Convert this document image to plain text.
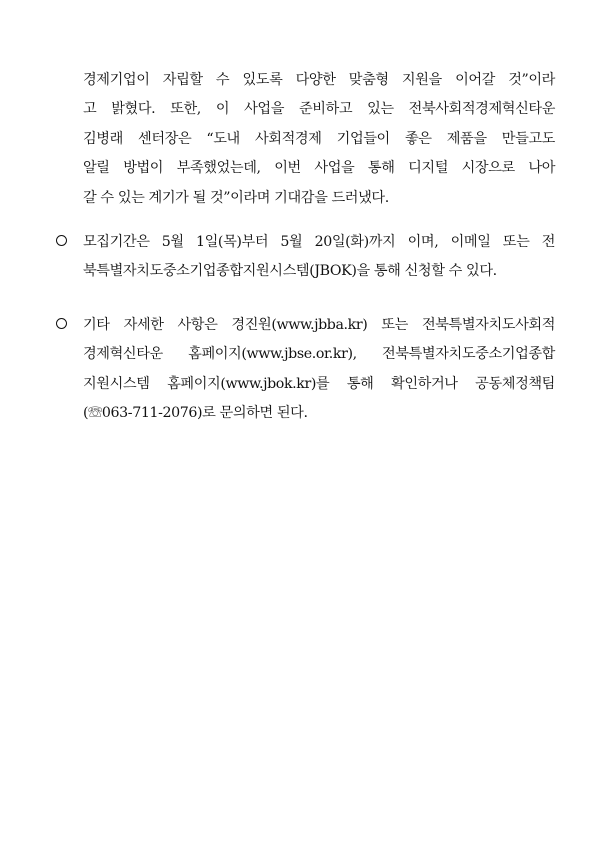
경제기업이 자립할 수 있도록 다양한 맞춤형 지원을 이어갈 것”이라
고 밝혔다. 또한, 이 사업을 준비하고 있는 전북사회적경제혁신타운
김병래 센터장은 “도내 사회적경제 기업들이 좋은 제품을 만들고도
알릴 방법이 부족했었는데, 이번 사업을 통해 디지털 시장으로 나아
갈 수 있는 계기가 될 것”이라며 기대감을 드러냈다.
모집기간은 5월 1일(목)부터 5월 20일(화)까지 이며, 이메일 또는 전
북특별자치도중소기업종합지원시스템(JBOK)을 통해 신청할 수 있다.
기타 자세한 사항은 경진원(www.jbba.kr) 또는 전북특별자치도사회적
경제혁신타운 홈페이지(www.jbse.or.kr), 전북특별자치도중소기업종합
지원시스템 홈페이지(www.jbok.kr)를 통해 확인하거나 공동체정책팀
(☏063-711-2076)로 문의하면 된다.
